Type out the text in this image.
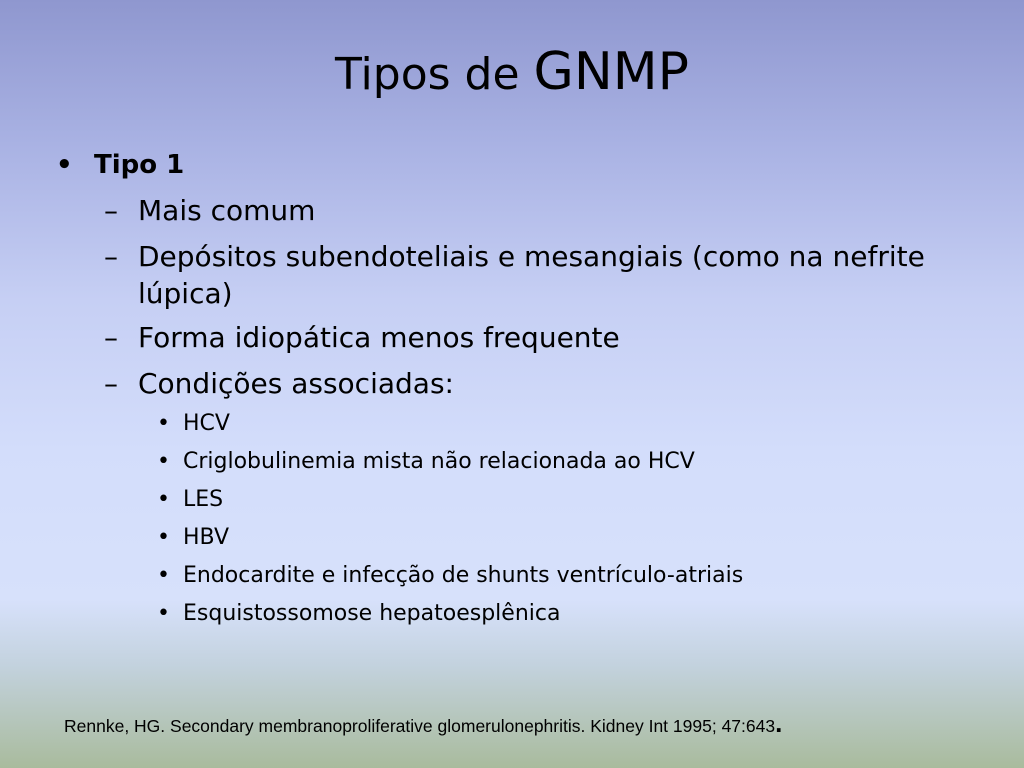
Tipos de GNMP
• Tipo 1
– Mais comum
– Depósitos subendoteliais e mesangiais (como na nefrite
lúpica)
– Forma idiopática menos frequente
– Condições associadas:
• HCV
• Criglobulinemia mista não relacionada ao HCV
• LES
• HBV
• Endocardite e infecção de shunts ventrículo-atriais
• Esquistossomose hepatoesplênica
Rennke, HG. Secondary membranoproliferative glomerulonephritis. Kidney Int 1995; 47:643.
